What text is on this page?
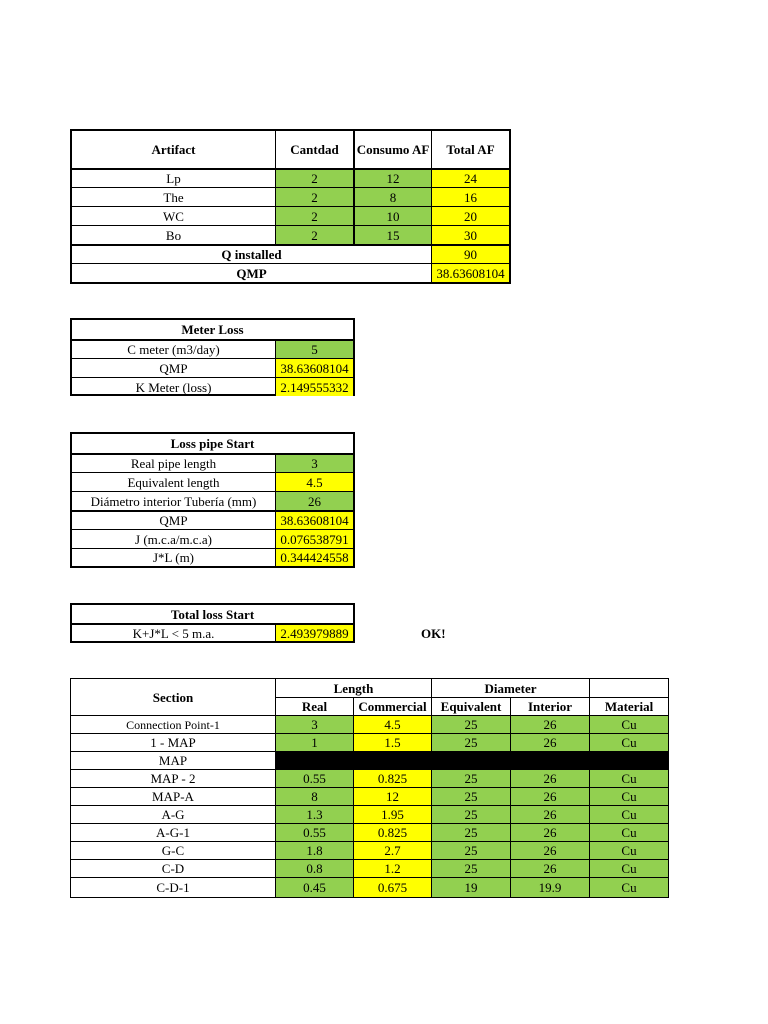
Artifact	Cantdad	Consumo AF	Total AF
Lp	2	12	24
The	2	8	16
WC	2	10	20
Bo	2	15	30
Q installed	90
QMP	38.63608104
Meter Loss
C meter (m3/day)	5
QMP	38.63608104
K Meter (loss)	2.149555332
Loss pipe Start
Real pipe length	3
Equivalent length	4.5
Diámetro interior Tubería (mm)	26
QMP	38.63608104
J (m.c.a/m.c.a)	0.076538791
J*L (m)	0.344424558
Total loss Start
K+J*L < 5 m.a.	2.493979889	OK!
Section
Length	Diameter
Real	Commercial	Equivalent	Interior	Material
Connection Point-1	3	4.5	25	26	Cu
1 - MAP	1	1.5	25	26	Cu
MAP
MAP - 2	0.55	0.825	25	26	Cu
MAP-A	8	12	25	26	Cu
A-G	1.3	1.95	25	26	Cu
A-G-1	0.55	0.825	25	26	Cu
G-C	1.8	2.7	25	26	Cu
C-D	0.8	1.2	25	26	Cu
C-D-1	0.45	0.675	19	19.9	Cu
